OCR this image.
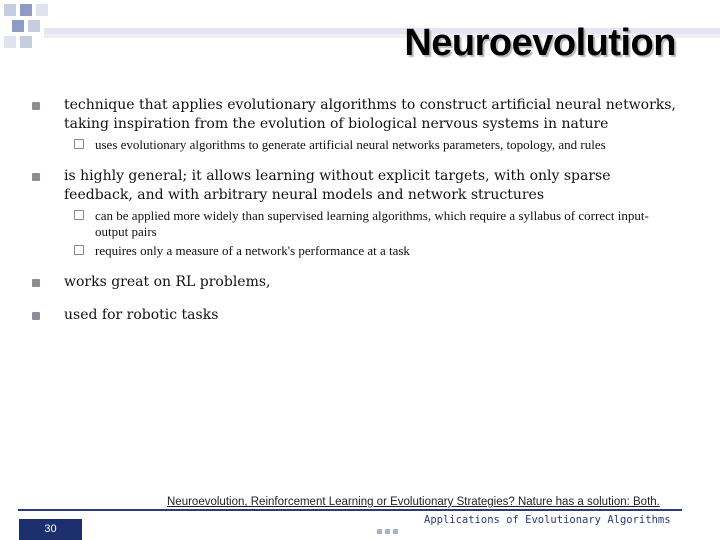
Neuroevolution
technique that applies evolutionary algorithms to construct artificial neural networks, taking inspiration from the evolution of biological nervous systems in nature
uses evolutionary algorithms to generate artificial neural networks parameters, topology, and rules
is highly general; it allows learning without explicit targets, with only sparse feedback, and with arbitrary neural models and network structures
can be applied more widely than supervised learning algorithms, which require a syllabus of correct input-output pairs
requires only a measure of a network's performance at a task
works great on RL problems,
used for robotic tasks

Neuroevolution, Reinforcement Learning or Evolutionary Strategies? Nature has a solution: Both.

30

Applications of Evolutionary Algorithms
